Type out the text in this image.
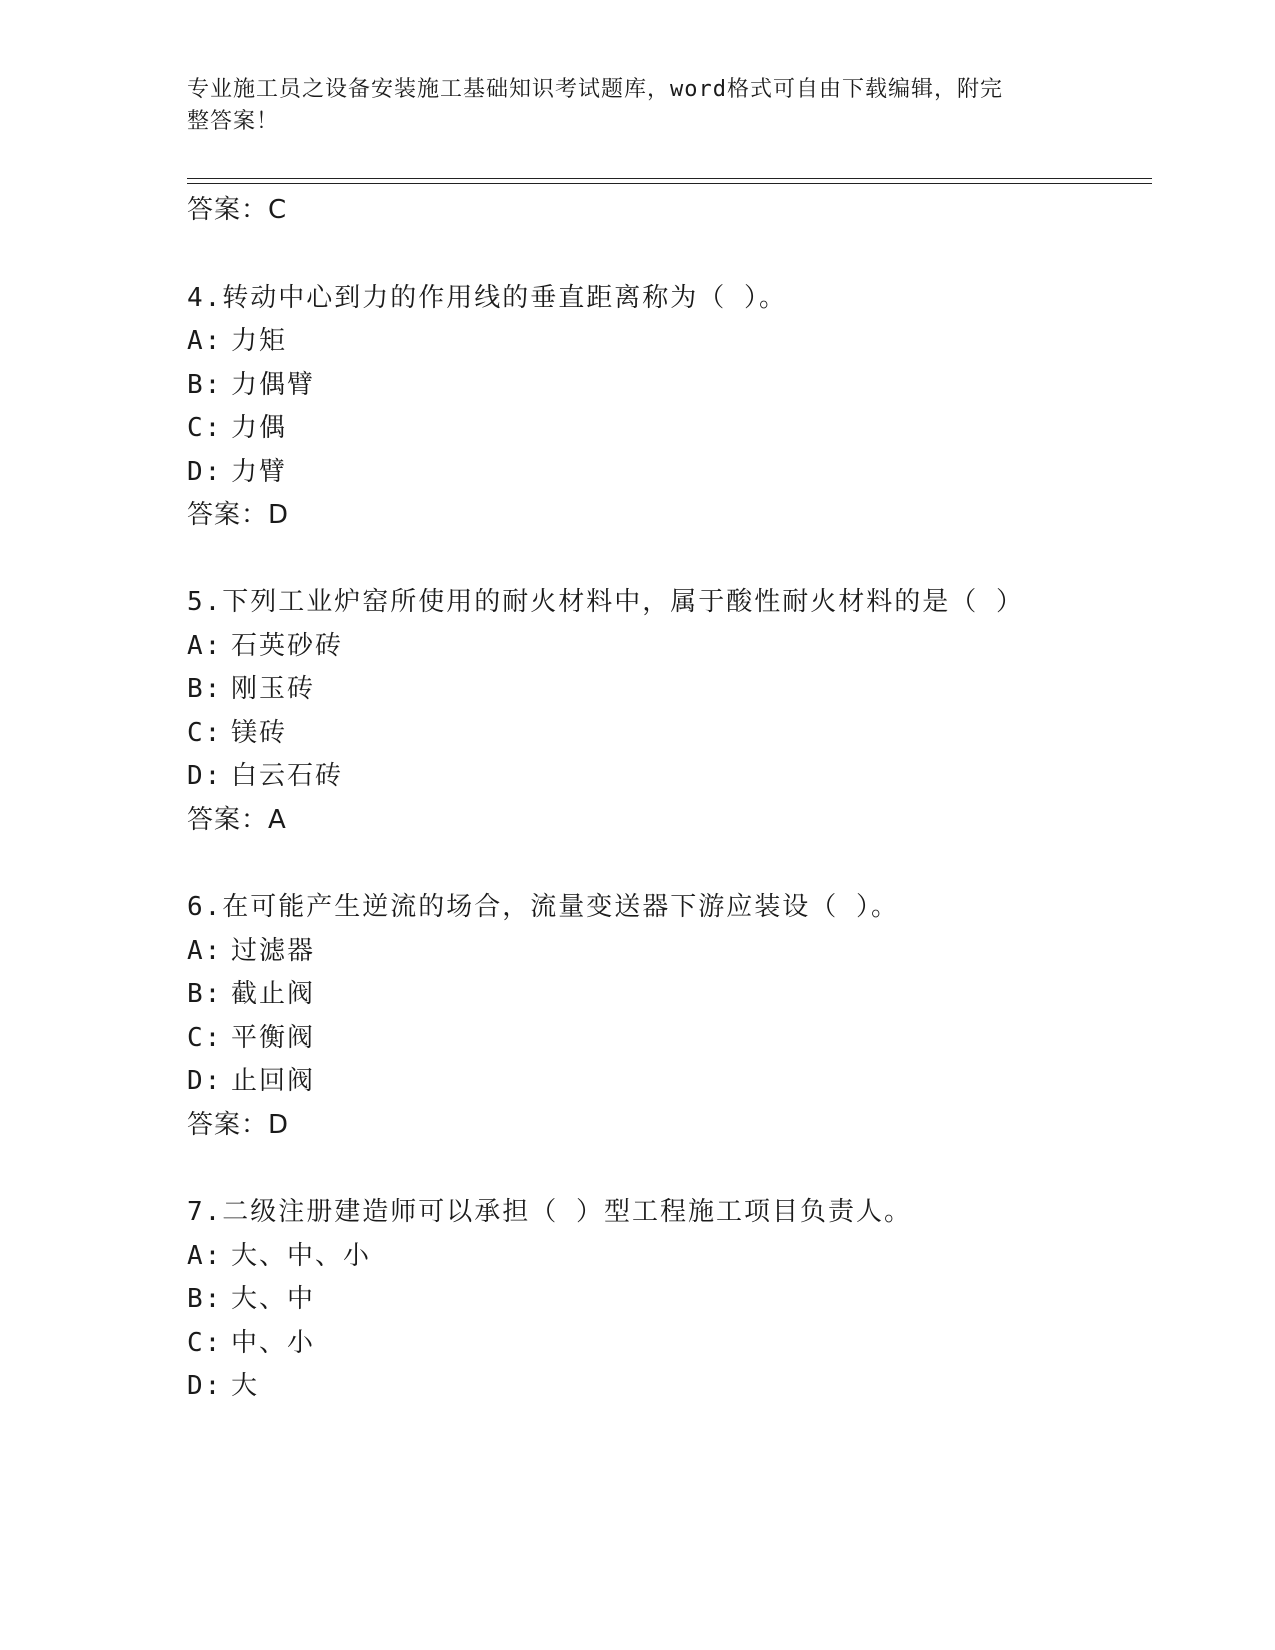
专业施工员之设备安装施工基础知识考试题库，word格式可自由下载编辑，附完
整答案！
答案：C
4.转动中心到力的作用线的垂直距离称为（ ）。
A: 力矩
B: 力偶臂
C: 力偶
D: 力臂
答案：D
5.下列工业炉窑所使用的耐火材料中，属于酸性耐火材料的是（ ）
A: 石英砂砖
B: 刚玉砖
C: 镁砖
D: 白云石砖
答案：A
6.在可能产生逆流的场合，流量变送器下游应装设（ ）。
A: 过滤器
B: 截止阀
C: 平衡阀
D: 止回阀
答案：D
7.二级注册建造师可以承担（ ）型工程施工项目负责人。
A: 大、中、小
B: 大、中
C: 中、小
D: 大
